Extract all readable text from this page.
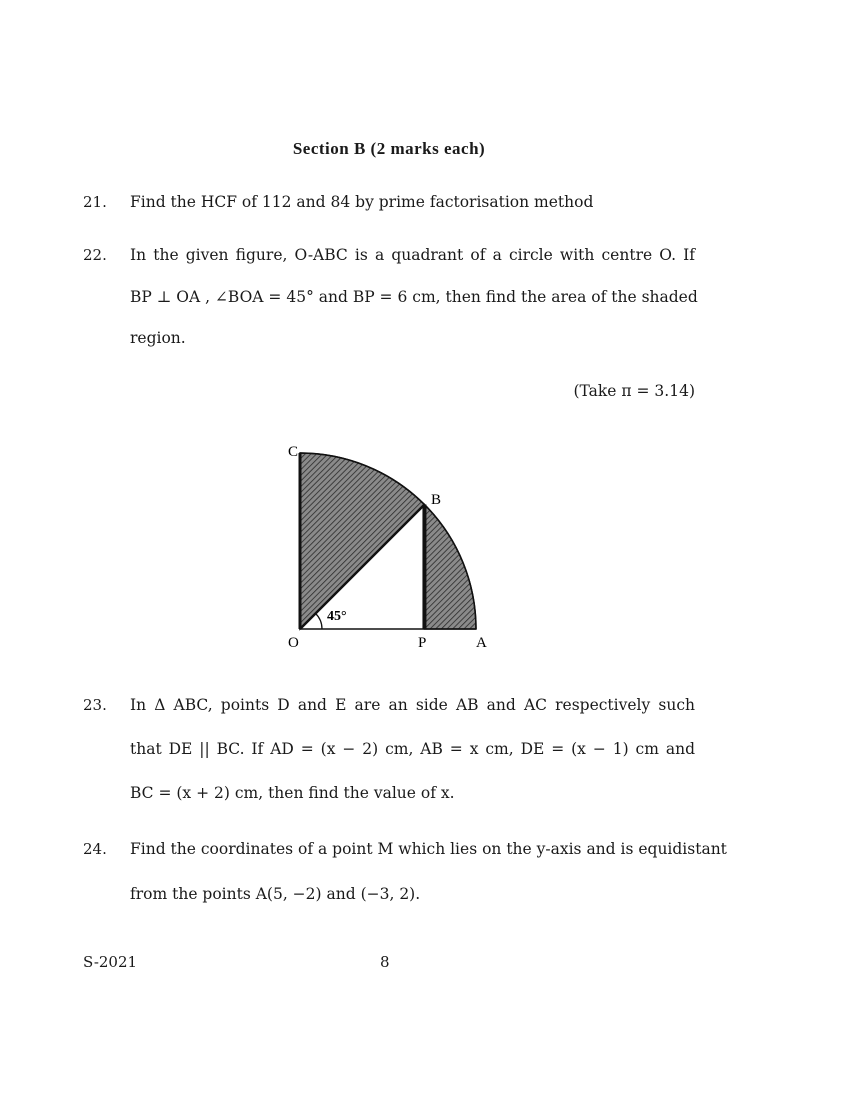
Section B (2 marks each)
21. Find the HCF of 112 and 84 by prime factorisation method
22. In the given figure, O-ABC is a quadrant of a circle with centre O. If
BP ⊥ OA , ∠BOA = 45° and BP = 6 cm, then find the area of the shaded
region.
(Take π = 3.14)
C
B
O	P	A
45°
23. In Δ ABC, points D and E are an side AB and AC respectively such
that DE || BC. If AD = (x − 2) cm, AB = x cm, DE = (x − 1) cm and
BC = (x + 2) cm, then find the value of x.
24. Find the coordinates of a point M which lies on the y-axis and is equidistant
from the points A(5, −2) and (−3, 2).
S-2021	8
